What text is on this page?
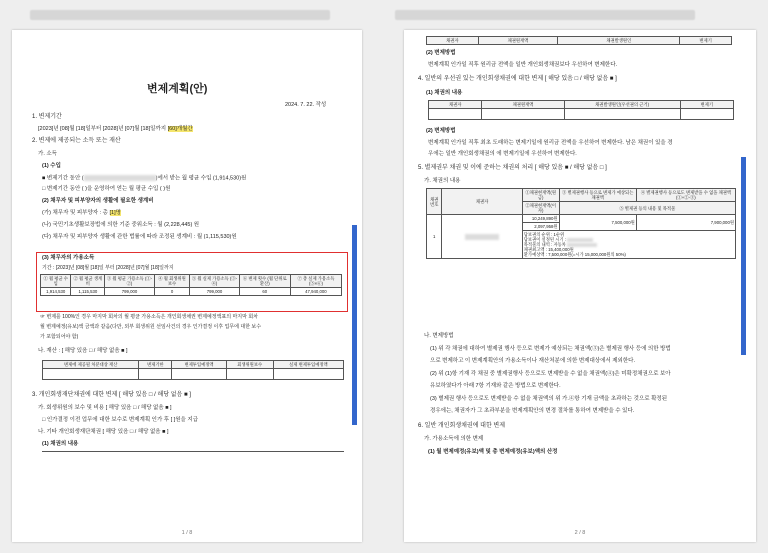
변제계획(안)
2024. 7. 22. 작성
1. 변제기간
[2023]년 [08]월 [18]일부터 [2028]년 [07]월 [18]일까지 [60]개월간
2. 변제에 제공되는 소득 또는 재산
가. 소득
(1) 수입
■ 변제기간 동안 (	)에서 받는 월 평균 수입 (1,914,530)원
□ 변제기간 동안 ( )을 운영하여 얻는 월 평균 수입 ( )원
(2) 채무자 및 피부양자의 생활에 필요한 생계비
(가) 채무자 및 피부양자 : 총 [1]명
(나) 국민기초생활보장법에 의한 기준 중위소득 : 월 (2,228,445) 원
(다) 채무자 및 피부양자 생활에 관한 법률에 따라 조정된 생계비 : 월 (1,115,530)원
(3) 채무자의 가용소득
기간 : [2023]년 [08]월 [18]일 부터 [2028]년 [07]월 [18]일까지
① 월 평균 수입	② 월 평균 생계비	③ 월 평균 가용소득 (①-②)	④ 월 회생위원 보수	⑤ 월 실제 가용소득 (③-④)	⑥ 변제 횟수 (월 단위로 환산)	⑦ 총 실제 가용소득 (⑤×⑥)
1,914,530	1,115,530	799,000	0	799,000	60	47,940,000
☞ 변제를 100%인 경우 마지막 회차의 월 평균 가용소득은 개인회생채권 변제예정액표의 마지막 회차
월 변제예정(유보)액 금액과 같음(다만, 외부 회생위원 선임사건의 경우 인가결정 이후 업무에 대한 보수
가 포함되어야 함)
나. 재산 : [ 해당 있음 □ / 해당 없음 ■ ]
변제에 제공될 처분대상 재산	변제기한	변제투입예정액	회생위원보수	실제 변제투입예정액

3. 개인회생재단채권에 대한 변제 [ 해당 있음 □ / 해당 없음 ■ ]
가. 회생위원의 보수 및 비용 [ 해당 있음 □ / 해당 없음 ■ ]
□ 인가결정 이전 업무에 대한 보수로 변제계획 인가 후 [ ]원을 지급
나. 기타 개인회생재단채권 [ 해당 있음 □ / 해당 없음 ■ ]
(1) 채권의 내용
1 / 8
채권자	채권원재액	채권발생원인	변제기
(2) 변제방법
변제계획 인가일 직후 원리금 전액을 일반 개인회생채권보다 우선하여 변제한다.
4. 일반의 우선권 있는 개인회생채권에 대한 변제 [ 해당 있음 □ / 해당 없음 ■ ]
(1) 채권의 내용
채권자	채권원재액	채권발생원인(우선권의 근거)	변제기

(2) 변제방법
변제계획 인가일 직후 최초 도래하는 변제기일에 원리금 전액을 우선하여 변제한다. 남은 채권이 있을 경
우에는 일반 개인회생채권의 에 변제기일에 우선하여 변제한다.
5. 별제권부 채권 및 이에 준하는 채권의 처리 [ 해당 있음 ■ / 해당 없음 □ ]
가. 채권의 내용
채권 번호	채권자	①채권현재액(원금)	③ 별제권행사 등으로 변제가 예상되는 채권액	④ 별제권행사 등으로도 변제받을 수 없을 채권액 (①+②-③)
		②채권현재액(이자)	⑤ 별제권 등의 내용 및 목적물	
1		10,249,890원	7,500,000원	7,900,000원
		2,097,958원		

		담보권의 순위 : 1순위
담보권이 설정된 시기 :
목적물의 내역 : 자동차
채권최고액 : 15,400,000원
환가예상액 : 7,500,000원(=시가 15,000,000원의 50%)		
나. 변제방법
(1) 위 각 채권에 대하여 별제권 행사 등으로 변제가 예상되는 채권액(③)은 별제권 행사 등에 의한 방법
으로 변제하고 이 변제계획안의 가용소득이나 재산처분에 의한 변제대상에서 제외한다.
(2) 위 (1)항 기재 각 채권 중 별제권행사 등으로도 변제받을 수 없을 채권액(④)은 미확정채권으로 보아
유보하였다가 아래 7항 기재와 같은 방법으로 변제한다.
(3) 별제권 행사 등으로도 변제받을 수 없을 채권액의 위 가.④항 기재 금액을 초과하는 것으로 확정된
경우에는, 채권자가 그 초과부분을 변제계획안의 변경 절차를 통하여 변제받을 수 있다.
6. 일반 개인회생채권에 대한 변제
가. 가용소득에 의한 변제
(1) 월 변제예정(유보)액 및 총 변제예정(유보)액의 산정
2 / 8
